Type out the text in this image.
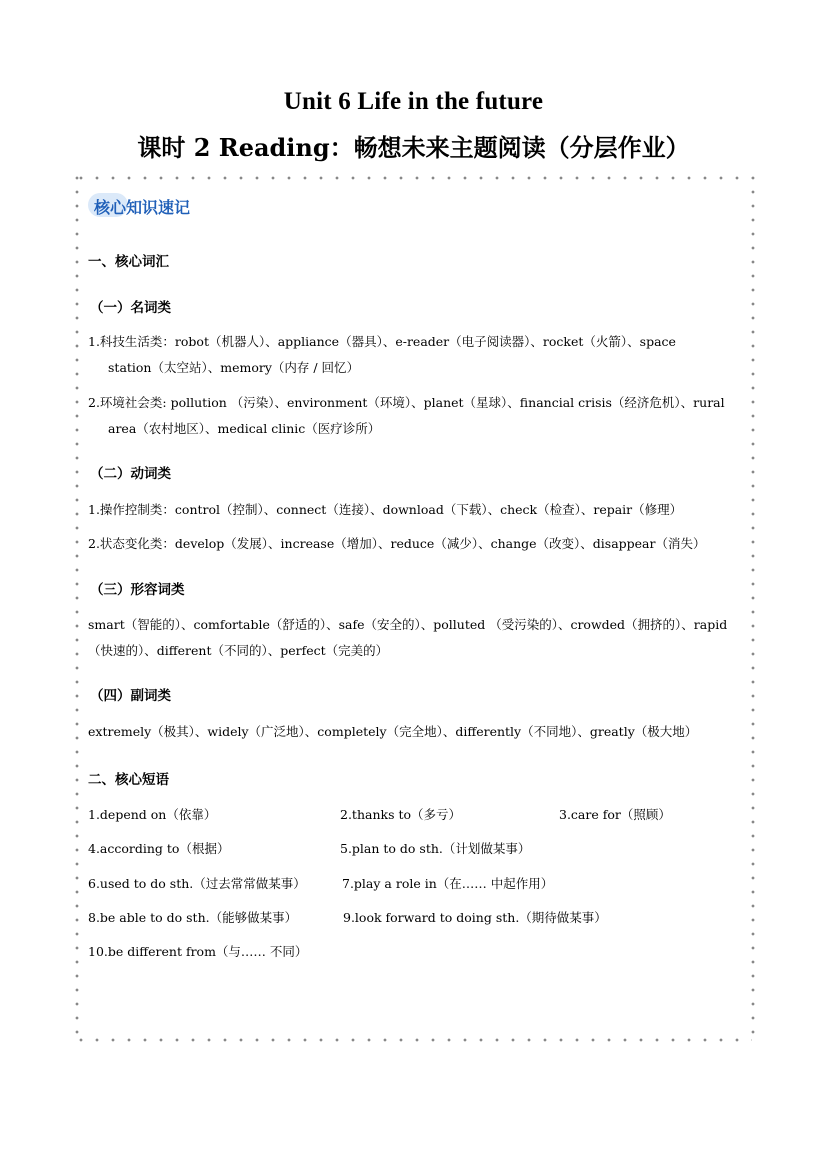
Unit 6 Life in the future
课时 2 Reading：畅想未来主题阅读（分层作业）
核心知识速记
一、核心词汇
（一）名词类
1.科技生活类：robot（机器人）、appliance（器具）、e-reader（电子阅读器）、rocket（火箭）、space
station（太空站）、memory（内存 / 回忆）
2.环境社会类: pollution （污染）、environment（环境）、planet（星球）、financial crisis（经济危机）、rural
area（农村地区）、medical clinic（医疗诊所）
（二）动词类
1.操作控制类：control（控制）、connect（连接）、download（下载）、check（检查）、repair（修理）
2.状态变化类：develop（发展）、increase（增加）、reduce（减少）、change（改变）、disappear（消失）
（三）形容词类
smart（智能的）、comfortable（舒适的）、safe（安全的）、polluted （受污染的）、crowded（拥挤的）、rapid
（快速的）、different（不同的）、perfect（完美的）
（四）副词类
extremely（极其）、widely（广泛地）、completely（完全地）、differently（不同地）、greatly（极大地）
二、核心短语
1.depend on（依靠）	2.thanks to（多亏）	3.care for（照顾）
4.according to（根据）	5.plan to do sth.（计划做某事）
6.used to do sth.（过去常常做某事）	7.play a role in（在…… 中起作用）
8.be able to do sth.（能够做某事）	9.look forward to doing sth.（期待做某事）
10.be different from（与…… 不同）
